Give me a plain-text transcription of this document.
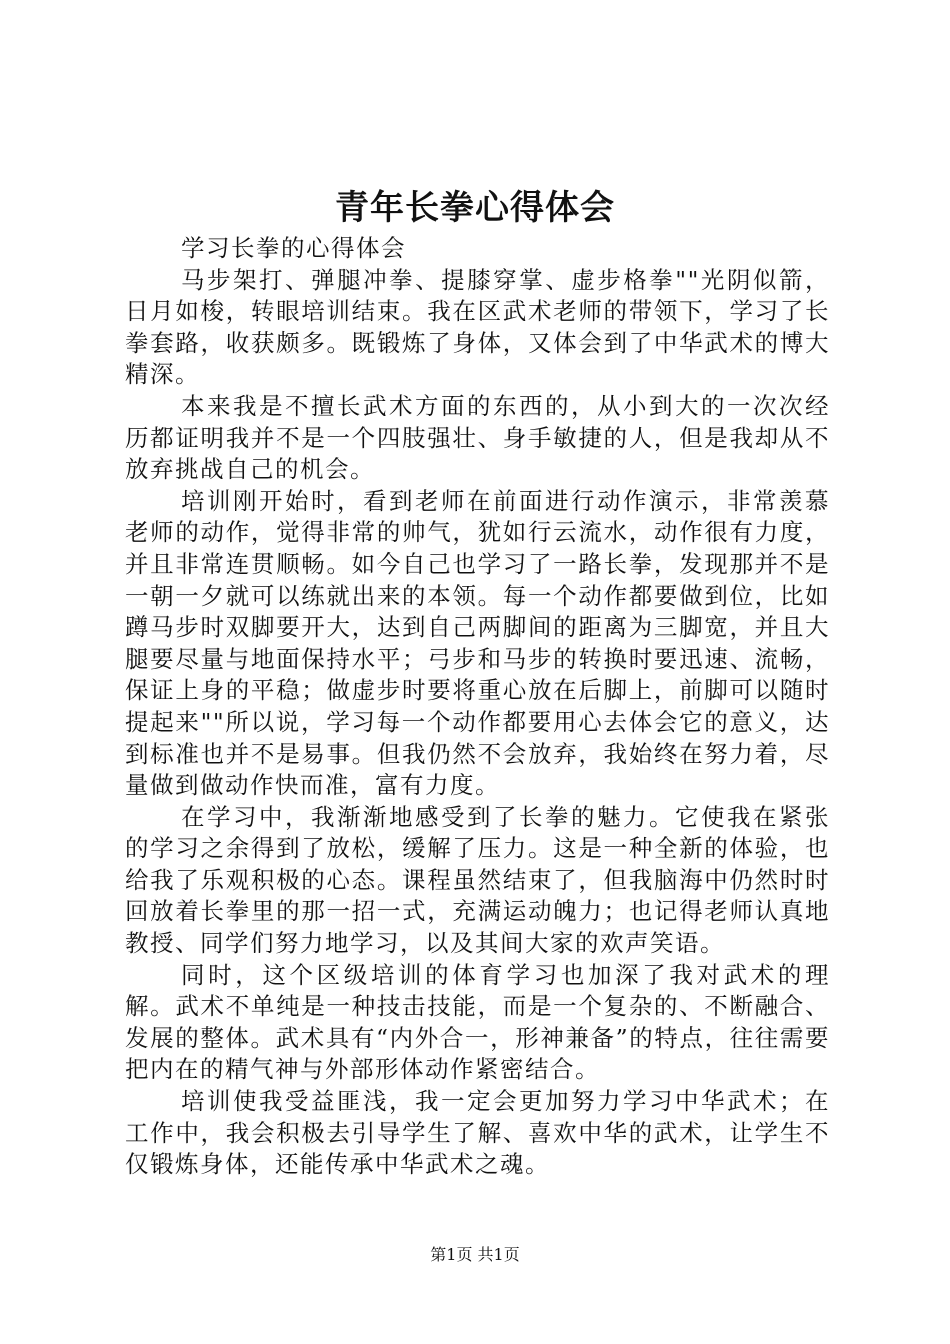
青年长拳心得体会

学习长拳的心得体会

马步架打、弹腿冲拳、提膝穿掌、虚步格拳""光阴似箭，日月如梭，转眼培训结束。我在区武术老师的带领下，学习了长拳套路，收获颇多。既锻炼了身体，又体会到了中华武术的博大精深。

本来我是不擅长武术方面的东西的，从小到大的一次次经历都证明我并不是一个四肢强壮、身手敏捷的人，但是我却从不放弃挑战自己的机会。

培训刚开始时，看到老师在前面进行动作演示，非常羡慕老师的动作，觉得非常的帅气，犹如行云流水，动作很有力度，并且非常连贯顺畅。如今自己也学习了一路长拳，发现那并不是一朝一夕就可以练就出来的本领。每一个动作都要做到位，比如蹲马步时双脚要开大，达到自己两脚间的距离为三脚宽，并且大腿要尽量与地面保持水平；弓步和马步的转换时要迅速、流畅，保证上身的平稳；做虚步时要将重心放在后脚上，前脚可以随时提起来""所以说，学习每一个动作都要用心去体会它的意义，达到标准也并不是易事。但我仍然不会放弃，我始终在努力着，尽量做到做动作快而准，富有力度。

在学习中，我渐渐地感受到了长拳的魅力。它使我在紧张的学习之余得到了放松，缓解了压力。这是一种全新的体验，也给我了乐观积极的心态。课程虽然结束了，但我脑海中仍然时时回放着长拳里的那一招一式，充满运动魄力；也记得老师认真地教授、同学们努力地学习，以及其间大家的欢声笑语。

同时，这个区级培训的体育学习也加深了我对武术的理解。武术不单纯是一种技击技能，而是一个复杂的、不断融合、发展的整体。武术具有“内外合一，形神兼备”的特点，往往需要把内在的精气神与外部形体动作紧密结合。

培训使我受益匪浅，我一定会更加努力学习中华武术；在工作中，我会积极去引导学生了解、喜欢中华的武术，让学生不仅锻炼身体，还能传承中华武术之魂。

第1页 共1页
